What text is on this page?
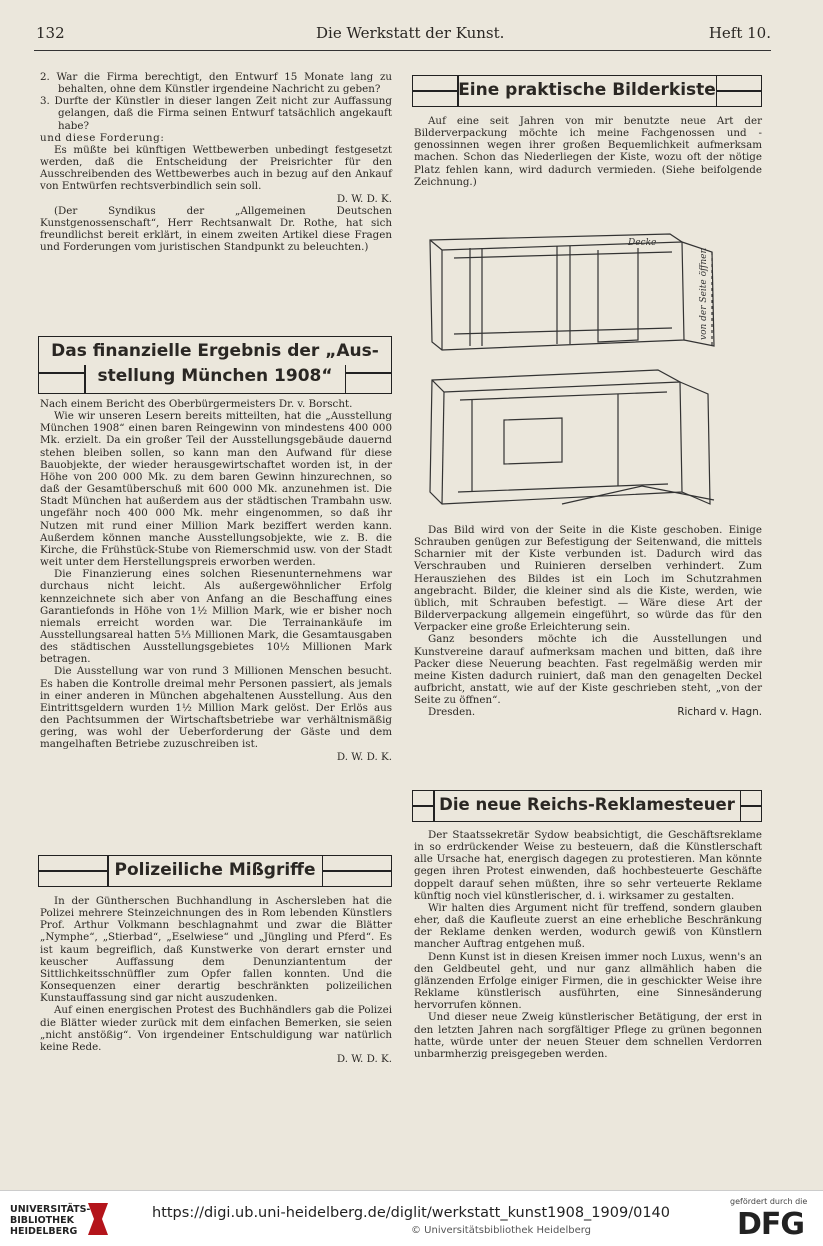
132	Die Werkstatt der Kunst.	Heft 10.

2. War die Firma berechtigt, den Entwurf 15 Monate lang zu behalten, ohne dem Künstler irgendeine Nachricht zu geben?

3. Durfte der Künstler in dieser langen Zeit nicht zur Auffassung gelangen, daß die Firma seinen Entwurf tatsächlich angekauft habe?

und diese Forderung:

Es müßte bei künftigen Wettbewerben unbedingt festgesetzt werden, daß die Entscheidung der Preisrichter für den Ausschreibenden des Wettbewerbes auch in bezug auf den Ankauf von Entwürfen rechtsverbindlich sein soll.

D. W. D. K.

(Der Syndikus der „Allgemeinen Deutschen Kunstgenossenschaft“, Herr Rechtsanwalt Dr. Rothe, hat sich freundlichst bereit erklärt, in einem zweiten Artikel diese Fragen und Forderungen vom juristischen Standpunkt zu beleuchten.)

Das finanzielle Ergebnis der „Aus-
stellung München 1908“

Nach einem Bericht des Oberbürgermeisters Dr. v. Borscht.

Wie wir unseren Lesern bereits mitteilten, hat die „Ausstellung München 1908“ einen baren Reingewinn von mindestens 400 000 Mk. erzielt. Da ein großer Teil der Ausstellungsgebäude dauernd stehen bleiben sollen, so kann man den Aufwand für diese Bauobjekte, der wieder herausgewirtschaftet worden ist, in der Höhe von 200 000 Mk. zu dem baren Gewinn hinzurechnen, so daß der Gesamtüberschuß mit 600 000 Mk. anzunehmen ist. Die Stadt München hat außerdem aus der städtischen Trambahn usw. ungefähr noch 400 000 Mk. mehr eingenommen, so daß ihr Nutzen mit rund einer Million Mark beziffert werden kann. Außerdem können manche Ausstellungsobjekte, wie z. B. die Kirche, die Frühstück-Stube von Riemerschmid usw. von der Stadt weit unter dem Herstellungspreis erworben werden.

Die Finanzierung eines solchen Riesenunternehmens war durchaus nicht leicht. Als außergewöhnlicher Erfolg kennzeichnete sich aber von Anfang an die Beschaffung eines Garantiefonds in Höhe von 1½ Million Mark, wie er bisher noch niemals erreicht worden war. Die Terrainankäufe im Ausstellungsareal hatten 5⅓ Millionen Mark, die Gesamtausgaben des städtischen Ausstellungsgebietes 10½ Millionen Mark betragen.

Die Ausstellung war von rund 3 Millionen Menschen besucht. Es haben die Kontrolle dreimal mehr Personen passiert, als jemals in einer anderen in München abgehaltenen Ausstellung. Aus den Eintrittsgeldern wurden 1½ Million Mark gelöst. Der Erlös aus den Pachtsummen der Wirtschaftsbetriebe war verhältnismäßig gering, was wohl der Ueberforderung der Gäste und dem mangelhaften Betriebe zuzuschreiben ist.

D. W. D. K.

Polizeiliche Mißgriffe

In der Güntherschen Buchhandlung in Aschersleben hat die Polizei mehrere Steinzeichnungen des in Rom lebenden Künstlers Prof. Arthur Volkmann beschlagnahmt und zwar die Blätter „Nymphe“, „Stierbad“, „Eselwiese“ und „Jüngling und Pferd“. Es ist kaum begreiflich, daß Kunstwerke von derart ernster und keuscher Auffassung dem Denunziantentum der Sittlichkeitsschnüffler zum Opfer fallen konnten. Und die Konsequenzen einer derartig beschränkten polizeilichen Kunstauffassung sind gar nicht auszudenken.

Auf einen energischen Protest des Buchhändlers gab die Polizei die Blätter wieder zurück mit dem einfachen Bemerken, sie seien „nicht anstößig“. Von irgendeiner Entschuldigung war natürlich keine Rede.

D. W. D. K.

Eine praktische Bilderkiste

Auf eine seit Jahren von mir benutzte neue Art der Bilderverpackung möchte ich meine Fachgenossen und -genossinnen wegen ihrer großen Bequemlichkeit aufmerksam machen. Schon das Niederliegen der Kiste, wozu oft der nötige Platz fehlen kann, wird dadurch vermieden. (Siehe beifolgende Zeichnung.)

Decke
von der Seite öffnen

Das Bild wird von der Seite in die Kiste geschoben. Einige Schrauben genügen zur Befestigung der Seitenwand, die mittels Scharnier mit der Kiste verbunden ist. Dadurch wird das Verschrauben und Ruinieren derselben verhindert. Zum Herausziehen des Bildes ist ein Loch im Schutzrahmen angebracht. Bilder, die kleiner sind als die Kiste, werden, wie üblich, mit Schrauben befestigt. — Wäre diese Art der Bilderverpackung allgemein eingeführt, so würde das für den Verpacker eine große Erleichterung sein.

Ganz besonders möchte ich die Ausstellungen und Kunstvereine darauf aufmerksam machen und bitten, daß ihre Packer diese Neuerung beachten. Fast regelmäßig werden mir meine Kisten dadurch ruiniert, daß man den genagelten Deckel aufbricht, anstatt, wie auf der Kiste geschrieben steht, „von der Seite zu öffnen“.

Dresden.	Richard v. Hagn.

Die neue Reichs-Reklamesteuer

Der Staatssekretär Sydow beabsichtigt, die Geschäftsreklame in so erdrückender Weise zu besteuern, daß die Künstlerschaft alle Ursache hat, energisch dagegen zu protestieren. Man könnte gegen ihren Protest einwenden, daß hochbesteuerte Geschäfte doppelt darauf sehen müßten, ihre so sehr verteuerte Reklame künftig noch viel künstlerischer, d. i. wirksamer zu gestalten.

Wir halten dies Argument nicht für treffend, sondern glauben eher, daß die Kaufleute zuerst an eine erhebliche Beschränkung der Reklame denken werden, wodurch gewiß von Künstlern mancher Auftrag entgehen muß.

Denn Kunst ist in diesen Kreisen immer noch Luxus, wenn's an den Geldbeutel geht, und nur ganz allmählich haben die glänzenden Erfolge einiger Firmen, die in geschickter Weise ihre Reklame künstlerisch ausführten, eine Sinnesänderung hervorrufen können.

Und dieser neue Zweig künstlerischer Betätigung, der erst in den letzten Jahren nach sorgfältiger Pflege zu grünen begonnen hatte, würde unter der neuen Steuer dem schnellen Verdorren unbarmherzig preisgegeben werden.

UNIVERSITÄTS-BIBLIOTHEK HEIDELBERG
https://digi.ub.uni-heidelberg.de/diglit/werkstatt_kunst1908_1909/0140
© Universitätsbibliothek Heidelberg
gefördert durch die
DFG
